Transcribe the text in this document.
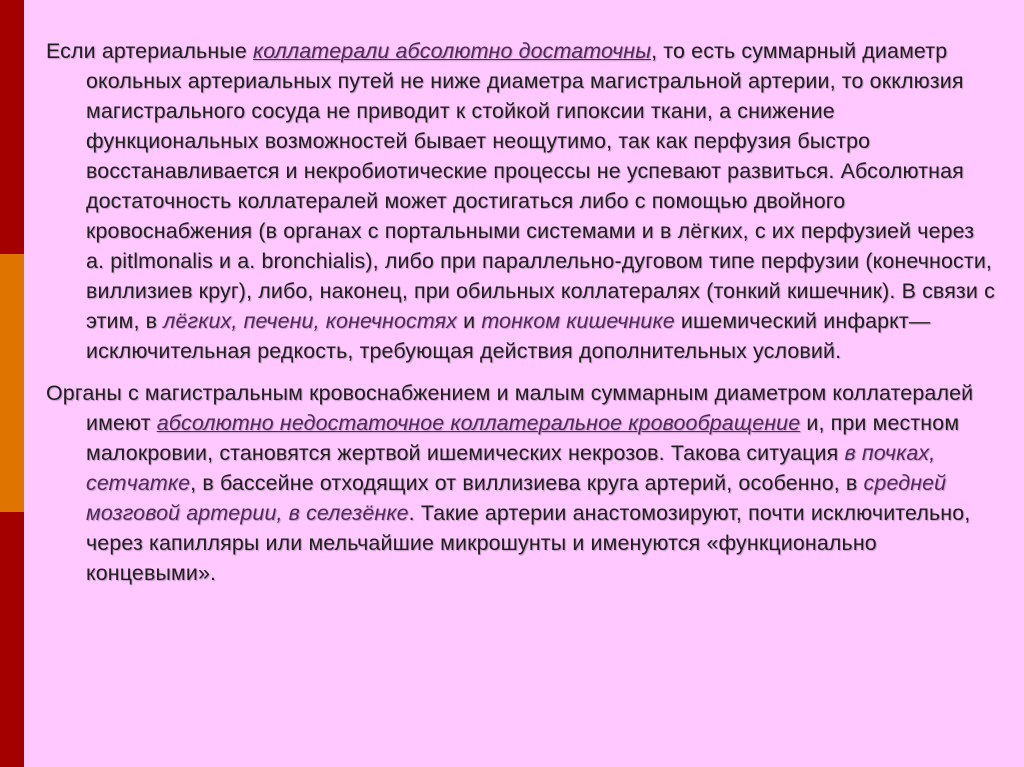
Если артериальные коллатерали абсолютно достаточны, то есть суммарный диаметр окольных артериальных путей не ниже диаметра магистральной артерии, то окклюзия магистрального сосуда не приводит к стойкой гипоксии ткани, а снижение функциональных возможностей бывает неощутимо, так как перфузия быстро восстанавливается и некробиотические процессы не успевают развиться. Абсолютная достаточность коллатералей может достигаться либо с помощью двойного кровоснабжения (в органах с портальными системами и в лёгких, с их перфузией через a. pitlmonalis и a. bronchialis), либо при параллельно-дуговом типе перфузии (конечности, виллизиев круг), либо, наконец, при обильных коллатералях (тонкий кишечник). В связи с этим, в лёгких, печени, конечностях и тонком кишечнике ишемический инфаркт— исключительная редкость, требующая действия дополнительных условий.

Органы с магистральным кровоснабжением и малым суммарным диаметром коллатералей имеют абсолютно недостаточное коллатеральное кровообращение и, при местном малокровии, становятся жертвой ишемических некрозов. Такова ситуация в почках, сетчатке, в бассейне отходящих от виллизиева круга артерий, особенно, в средней мозговой артерии, в селезёнке. Такие артерии анастомозируют, почти исключительно, через капилляры или мельчайшие микрошунты и именуются «функционально концевыми».
